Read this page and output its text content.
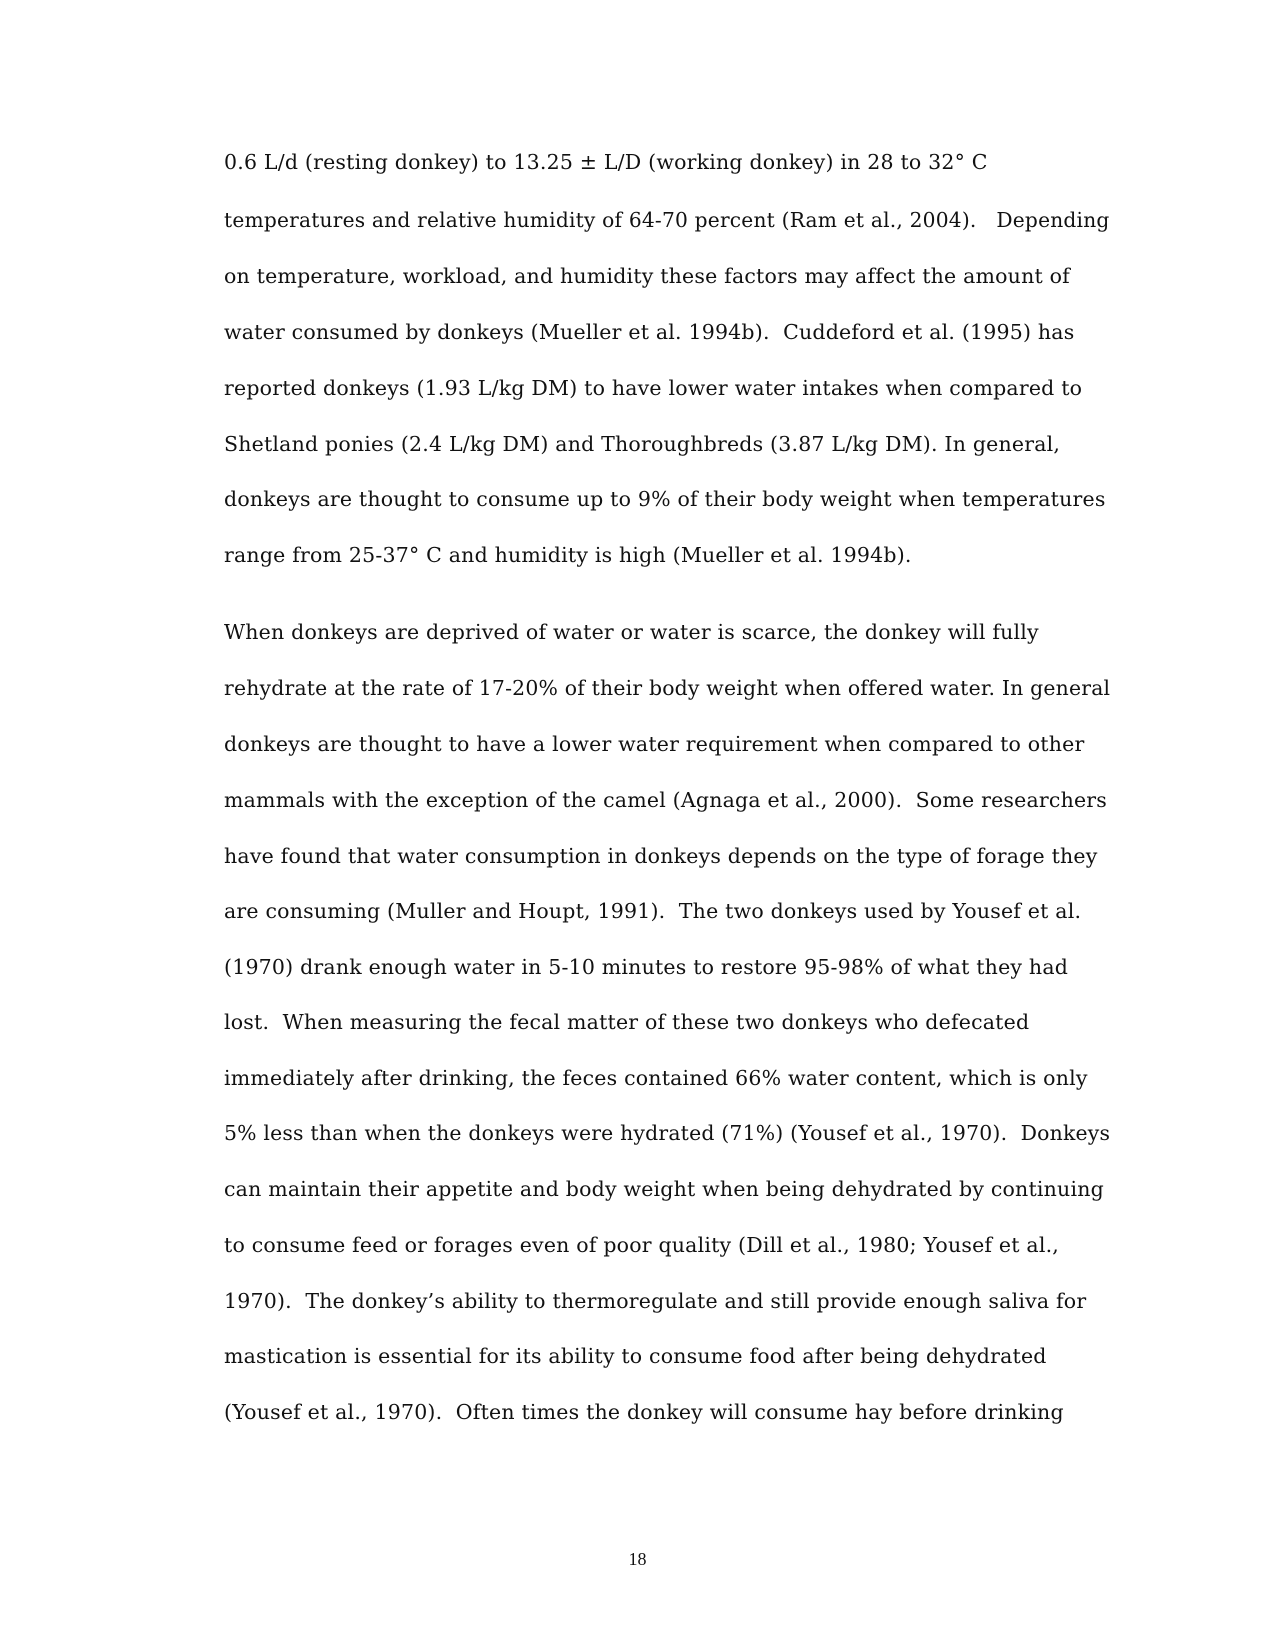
0.6 L/d (resting donkey) to 13.25 ± L/D (working donkey) in 28 to 32° C

temperatures and relative humidity of 64-70 percent (Ram et al., 2004).   Depending

on temperature, workload, and humidity these factors may affect the amount of

water consumed by donkeys (Mueller et al. 1994b).  Cuddeford et al. (1995) has

reported donkeys (1.93 L/kg DM) to have lower water intakes when compared to

Shetland ponies (2.4 L/kg DM) and Thoroughbreds (3.87 L/kg DM). In general,

donkeys are thought to consume up to 9% of their body weight when temperatures

range from 25-37° C and humidity is high (Mueller et al. 1994b).

When donkeys are deprived of water or water is scarce, the donkey will fully

rehydrate at the rate of 17-20% of their body weight when offered water. In general

donkeys are thought to have a lower water requirement when compared to other

mammals with the exception of the camel (Agnaga et al., 2000).  Some researchers

have found that water consumption in donkeys depends on the type of forage they

are consuming (Muller and Houpt, 1991).  The two donkeys used by Yousef et al.

(1970) drank enough water in 5-10 minutes to restore 95-98% of what they had

lost.  When measuring the fecal matter of these two donkeys who defecated

immediately after drinking, the feces contained 66% water content, which is only

5% less than when the donkeys were hydrated (71%) (Yousef et al., 1970).  Donkeys

can maintain their appetite and body weight when being dehydrated by continuing

to consume feed or forages even of poor quality (Dill et al., 1980; Yousef et al.,

1970).  The donkey’s ability to thermoregulate and still provide enough saliva for

mastication is essential for its ability to consume food after being dehydrated

(Yousef et al., 1970).  Often times the donkey will consume hay before drinking

18
